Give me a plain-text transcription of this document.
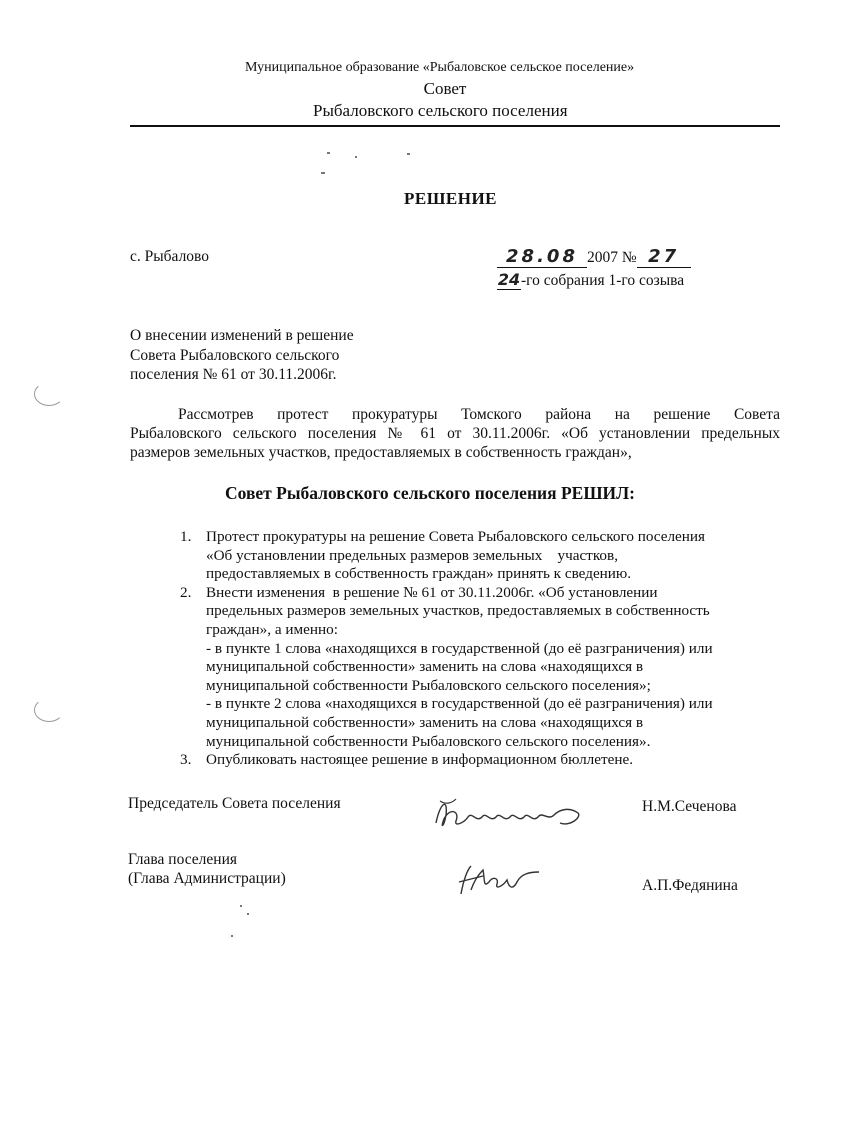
Муниципальное образование «Рыбаловское сельское поселение»
Совет
Рыбаловского сельского поселения
РЕШЕНИЕ
с. Рыбалово	28.08 2007 № 27
24-го собрания 1-го созыва
О внесении изменений в решение
Совета Рыбаловского сельского
поселения № 61 от 30.11.2006г.
Рассмотрев протест прокуратуры Томского района на решение Совета
Рыбаловского сельского поселения № 61 от 30.11.2006г. «Об установлении предельных
размеров земельных участков, предоставляемых в собственность граждан»,
Совет Рыбаловского сельского поселения РЕШИЛ:
1. Протест прокуратуры на решение Совета Рыбаловского сельского поселения
«Об установлении предельных размеров земельных    участков,
предоставляемых в собственность граждан» принять к сведению.
2. Внести изменения  в решение № 61 от 30.11.2006г. «Об установлении
предельных размеров земельных участков, предоставляемых в собственность
граждан», а именно:
- в пункте 1 слова «находящихся в государственной (до её разграничения) или
муниципальной собственности» заменить на слова «находящихся в
муниципальной собственности Рыбаловского сельского поселения»;
- в пункте 2 слова «находящихся в государственной (до её разграничения) или
муниципальной собственности» заменить на слова «находящихся в
муниципальной собственности Рыбаловского сельского поселения».
3. Опубликовать настоящее решение в информационном бюллетене.
Председатель Совета поселения	Н.М.Сеченова
Глава поселения
(Глава Администрации)	А.П.Федянина
